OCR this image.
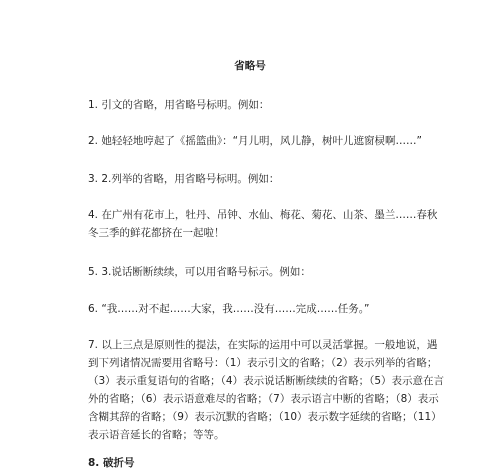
省略号

1. 引文的省略，用省略号标明。例如：

2. 她轻轻地哼起了《摇篮曲》：“月儿明，风儿静，树叶儿遮窗棂啊……”

3. 2.列举的省略，用省略号标明。例如：

4. 在广州有花市上，牡丹、吊钟、水仙、梅花、菊花、山茶、墨兰……春秋冬三季的鲜花都挤在一起啦！

5. 3.说话断断续续，可以用省略号标示。例如：

6. “我……对不起……大家，我……没有……完成……任务。”

7. 以上三点是原则性的提法，在实际的运用中可以灵活掌握。一般地说，遇到下列诸情况需要用省略号：（1）表示引文的省略；（2）表示列举的省略；（3）表示重复语句的省略；（4）表示说话断断续续的省略；（5）表示意在言外的省略；（6）表示语意难尽的省略；（7）表示语言中断的省略；（8）表示含糊其辞的省略；（9）表示沉默的省略；（10）表示数字延续的省略；（11）表示语音延长的省略；等等。

8. 破折号
